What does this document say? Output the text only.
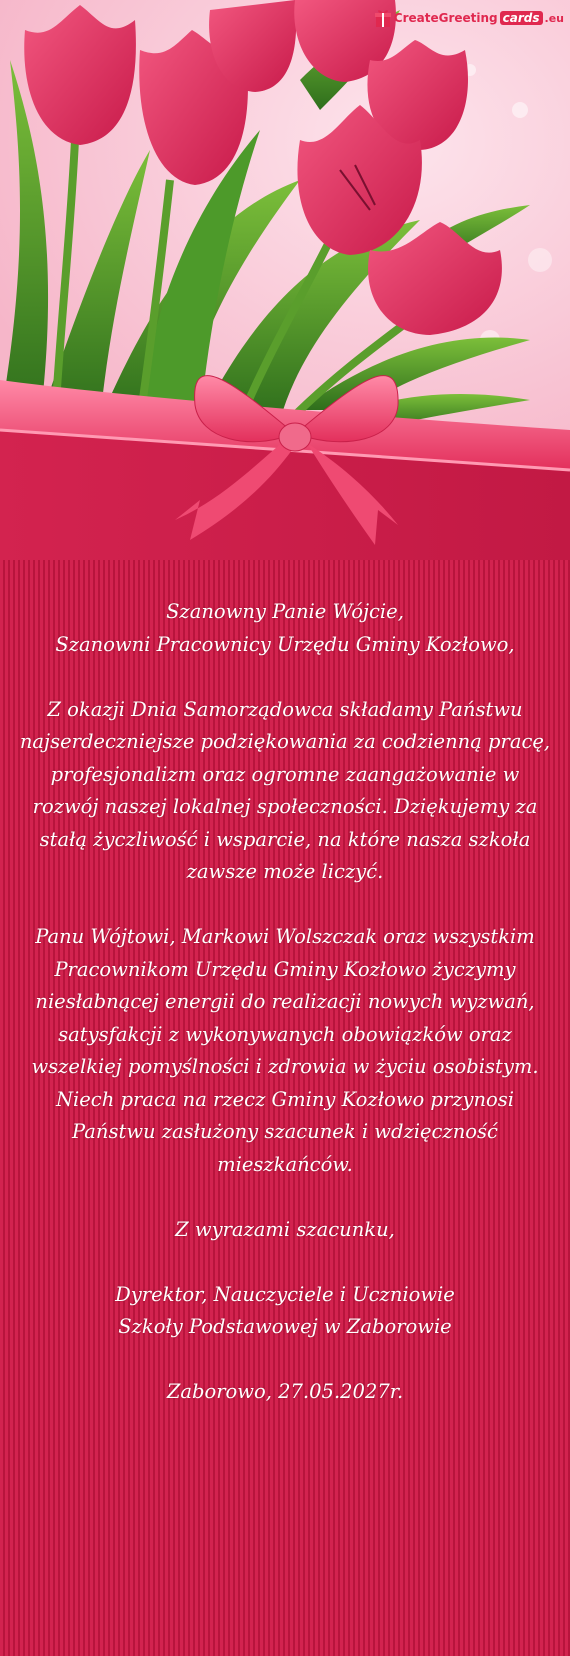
CreateGreeting cards .eu

Szanowny Panie Wójcie,

Szanowni Pracownicy Urzędu Gminy Kozłowo,

Z okazji Dnia Samorządowca składamy Państwu najserdeczniejsze podziękowania za codzienną pracę, profesjonalizm oraz ogromne zaangażowanie w rozwój naszej lokalnej społeczności. Dziękujemy za stałą życzliwość i wsparcie, na które nasza szkoła zawsze może liczyć.

Panu Wójtowi, Markowi Wolszczak oraz wszystkim Pracownikom Urzędu Gminy Kozłowo życzymy niesłabnącej energii do realizacji nowych wyzwań, satysfakcji z wykonywanych obowiązków oraz wszelkiej pomyślności i zdrowia w życiu osobistym. Niech praca na rzecz Gminy Kozłowo przynosi Państwu zasłużony szacunek i wdzięczność mieszkańców.

Z wyrazami szacunku,

Dyrektor, Nauczyciele i Uczniowie

Szkoły Podstawowej w Zaborowie

Zaborowo, 27.05.2027r.
